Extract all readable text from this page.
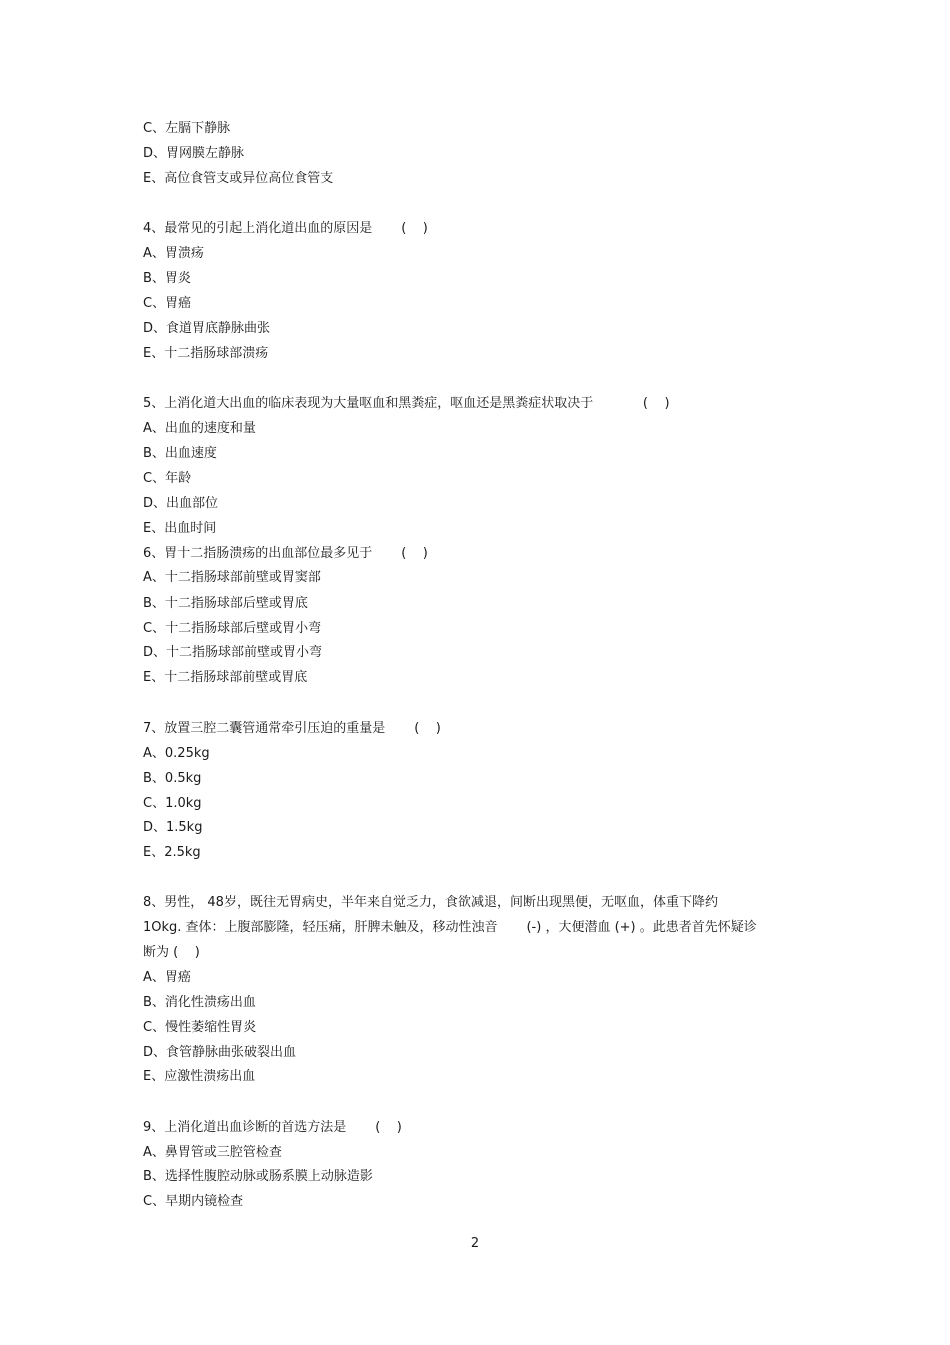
C、左膈下静脉
D、胃网膜左静脉
E、高位食管支或异位高位食管支
4、最常见的引起上消化道出血的原因是       (    )
A、胃溃疡
B、胃炎
C、胃癌
D、食道胃底静脉曲张
E、十二指肠球部溃疡
5、上消化道大出血的临床表现为大量呕血和黑粪症，呕血还是黑粪症状取决于            (    )
A、出血的速度和量
B、出血速度
C、年龄
D、出血部位
E、出血时间
6、胃十二指肠溃疡的出血部位最多见于       (    )
A、十二指肠球部前壁或胃窦部
B、十二指肠球部后壁或胃底
C、十二指肠球部后壁或胃小弯
D、十二指肠球部前壁或胃小弯
E、十二指肠球部前壁或胃底
7、放置三腔二囊管通常牵引压迫的重量是       (    )
A、0.25kg
B、0.5kg
C、1.0kg
D、1.5kg
E、2.5kg
8、男性， 48岁，既往无胃病史，半年来自觉乏力，食欲减退，间断出现黑便，无呕血，体重下降约
1Okg. 查体：上腹部膨隆，轻压痛，肝脾未触及，移动性浊音       (-) ，大便潜血 (+) 。此患者首先怀疑诊
断为 (    )
A、胃癌
B、消化性溃疡出血
C、慢性萎缩性胃炎
D、食管静脉曲张破裂出血
E、应激性溃疡出血
9、上消化道出血诊断的首选方法是       (    )
A、鼻胃管或三腔管检查
B、选择性腹腔动脉或肠系膜上动脉造影
C、早期内镜检查
2
